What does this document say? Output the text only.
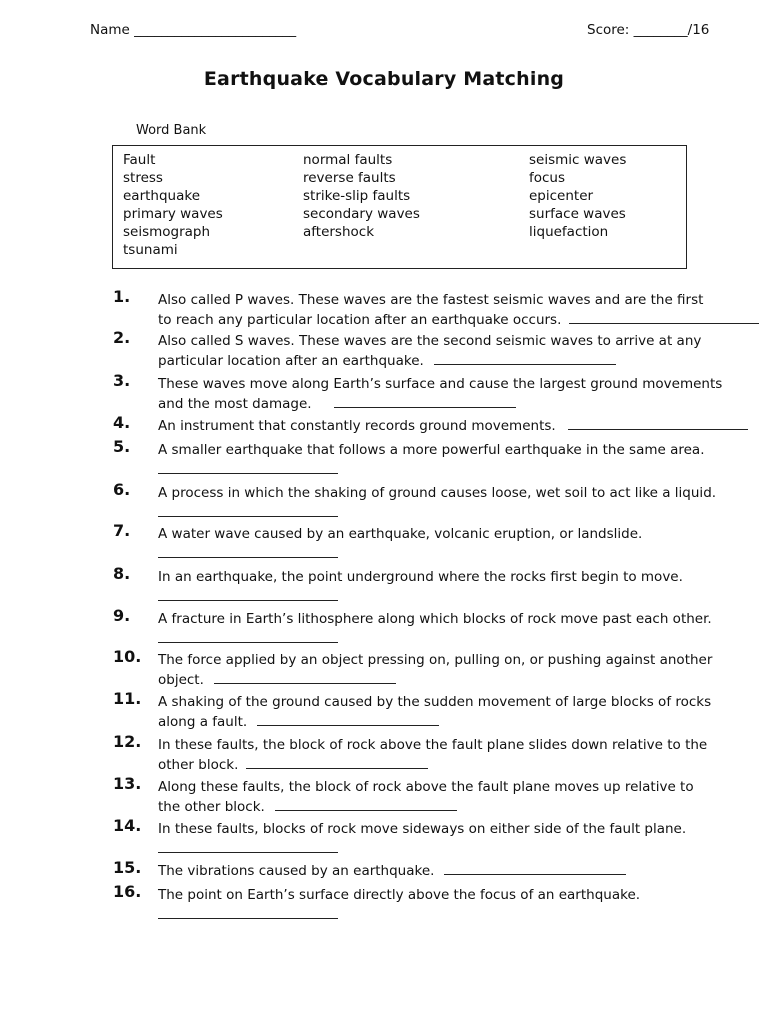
Name ________________________	Score: ________/16
Earthquake Vocabulary Matching
Word Bank
Fault
stress
earthquake
primary waves
seismograph
tsunami
normal faults
reverse faults
strike-slip faults
secondary waves
aftershock
seismic waves
focus
epicenter
surface waves
liquefaction
1. Also called P waves. These waves are the fastest seismic waves and are the first
to reach any particular location after an earthquake occurs.
2. Also called S waves. These waves are the second seismic waves to arrive at any
particular location after an earthquake.
3. These waves move along Earth’s surface and cause the largest ground movements
and the most damage.
4. An instrument that constantly records ground movements.
5. A smaller earthquake that follows a more powerful earthquake in the same area.
6. A process in which the shaking of ground causes loose, wet soil to act like a liquid.
7. A water wave caused by an earthquake, volcanic eruption, or landslide.
8. In an earthquake, the point underground where the rocks first begin to move.
9. A fracture in Earth’s lithosphere along which blocks of rock move past each other.
10. The force applied by an object pressing on, pulling on, or pushing against another
object.
11. A shaking of the ground caused by the sudden movement of large blocks of rocks
along a fault.
12. In these faults, the block of rock above the fault plane slides down relative to the
other block.
13. Along these faults, the block of rock above the fault plane moves up relative to
the other block.
14. In these faults, blocks of rock move sideways on either side of the fault plane.
15. The vibrations caused by an earthquake.
16. The point on Earth’s surface directly above the focus of an earthquake.
